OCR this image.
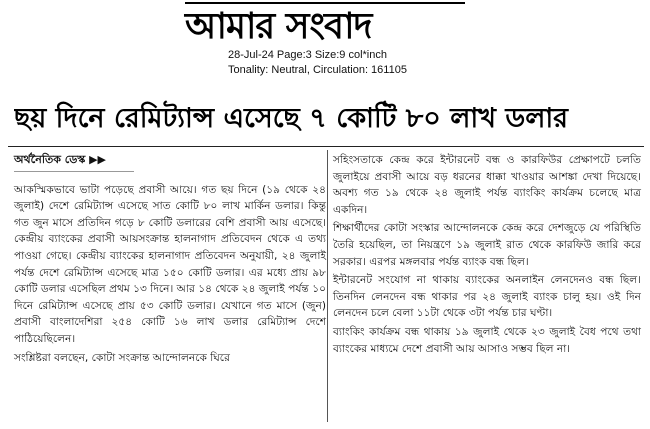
আমার সংবাদ
28-Jul-24 Page:3 Size:9 col*inch
Tonality: Neutral, Circulation: 161105
ছয় দিনে রেমিট্যান্স এসেছে ৭ কোটি ৮০ লাখ ডলার
অর্থনৈতিক ডেস্ক ▶▶

আকস্মিকভাবে ভাটা পড়েছে প্রবাসী আয়ে। গত ছয় দিনে (১৯ থেকে ২৪ জুলাই) দেশে রেমিট্যান্স এসেছে সাত কোটি ৮০ লাখ মার্কিন ডলার। কিন্তু গত জুন মাসে প্রতিদিন গড়ে ৮ কোটি ডলারের বেশি প্রবাসী আয় এসেছে। কেন্দ্রীয় ব্যাংকের প্রবাসী আয়সংক্রান্ত হালনাগাদ প্রতিবেদন থেকে এ তথ্য পাওয়া গেছে। কেন্দ্রীয় ব্যাংকের হালনাগাদ প্রতিবেদন অনুযায়ী, ২৪ জুলাই পর্যন্ত দেশে রেমিট্যান্স এসেছে মাত্র ১৫০ কোটি ডলার। এর মধ্যে প্রায় ৯৮ কোটি ডলার এসেছিল প্রথম ১৩ দিনে। আর ১৪ থেকে ২৪ জুলাই পর্যন্ত ১০ দিনে রেমিট্যান্স এসেছে প্রায় ৫৩ কোটি ডলার। যেখানে গত মাসে (জুন) প্রবাসী বাংলাদেশিরা ২৫৪ কোটি ১৬ লাখ ডলার রেমিট্যান্স দেশে পাঠিয়েছিলেন।

সংশ্লিষ্টরা বলছেন, কোটা সংক্রান্ত আন্দোলনকে ঘিরে

সহিংসতাকে কেন্দ্র করে ইন্টারনেট বন্ধ ও কারফিউর প্রেক্ষাপটে চলতি জুলাইয়ে প্রবাসী আয়ে বড় ধরনের ধাক্কা খাওয়ার আশঙ্কা দেখা দিয়েছে। অবশ্য গত ১৯ থেকে ২৪ জুলাই পর্যন্ত ব্যাংকিং কার্যক্রম চলেছে মাত্র একদিন।

শিক্ষার্থীদের কোটা সংস্কার আন্দোলনকে কেন্দ্র করে দেশজুড়ে যে পরিস্থিতি তৈরি হয়েছিল, তা নিয়ন্ত্রণে ১৯ জুলাই রাত থেকে কারফিউ জারি করে সরকার। এরপর মঙ্গলবার পর্যন্ত ব্যাংক বন্ধ ছিল।

ইন্টারনেট সংযোগ না থাকায় ব্যাংকের অনলাইন লেনদেনও বন্ধ ছিল। তিনদিন লেনদেন বন্ধ থাকার পর ২৪ জুলাই ব্যাংক চালু হয়। ওই দিন লেনদেন চলে বেলা ১১টা থেকে ৩টা পর্যন্ত চার ঘণ্টা।

ব্যাংকিং কার্যক্রম বন্ধ থাকায় ১৯ জুলাই থেকে ২৩ জুলাই বৈধ পথে তথা ব্যাংকের মাধ্যমে দেশে প্রবাসী আয় আসাও সম্ভব ছিল না।
